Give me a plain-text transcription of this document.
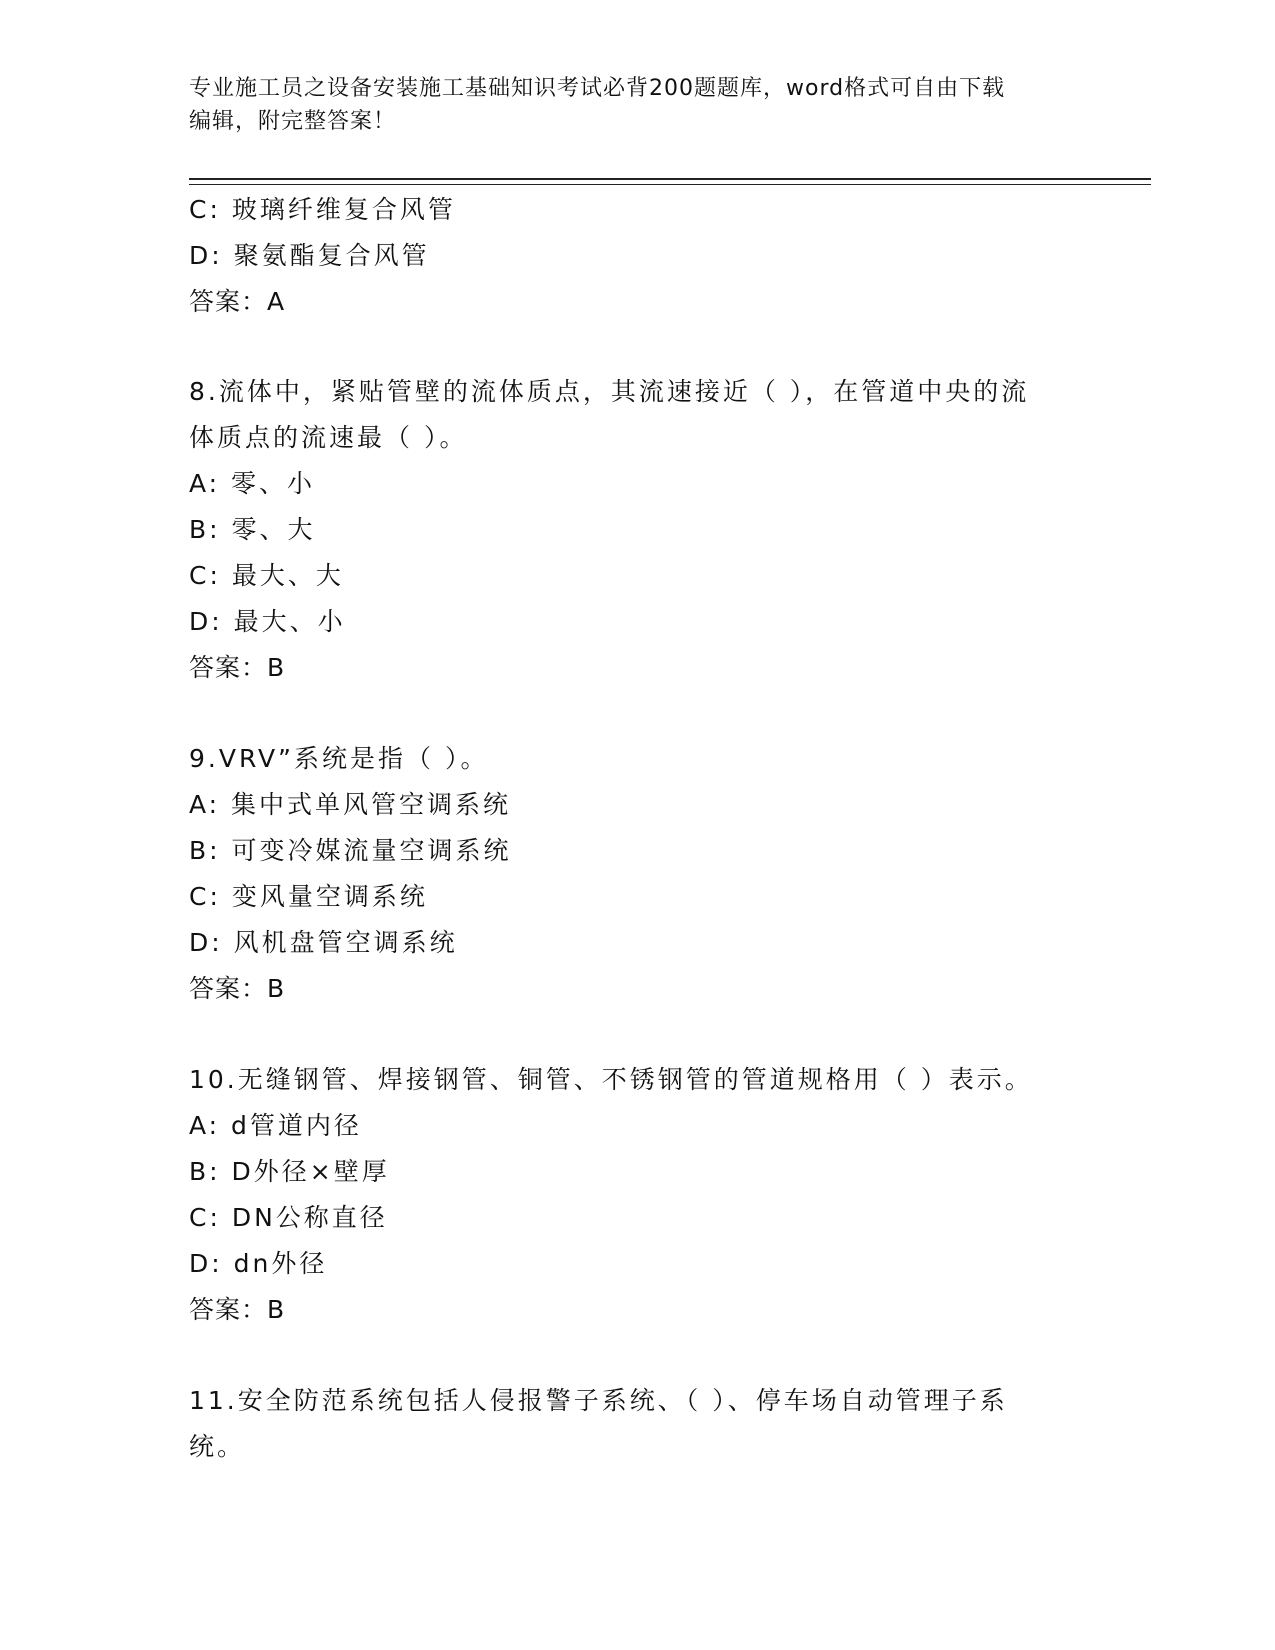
专业施工员之设备安装施工基础知识考试必背200题题库，word格式可自由下载
编辑，附完整答案！
C: 玻璃纤维复合风管
D: 聚氨酯复合风管
答案：A
8.流体中，紧贴管壁的流体质点，其流速接近（ ），在管道中央的流
体质点的流速最（ ）。
A: 零、小
B: 零、大
C: 最大、大
D: 最大、小
答案：B
9.VRV”系统是指（ ）。
A: 集中式单风管空调系统
B: 可变冷媒流量空调系统
C: 变风量空调系统
D: 风机盘管空调系统
答案：B
10.无缝钢管、焊接钢管、铜管、不锈钢管的管道规格用（ ）表示。
A: d管道内径
B: D外径×壁厚
C: DN公称直径
D: dn外径
答案：B
11.安全防范系统包括人侵报警子系统、（ ）、停车场自动管理子系
统。
